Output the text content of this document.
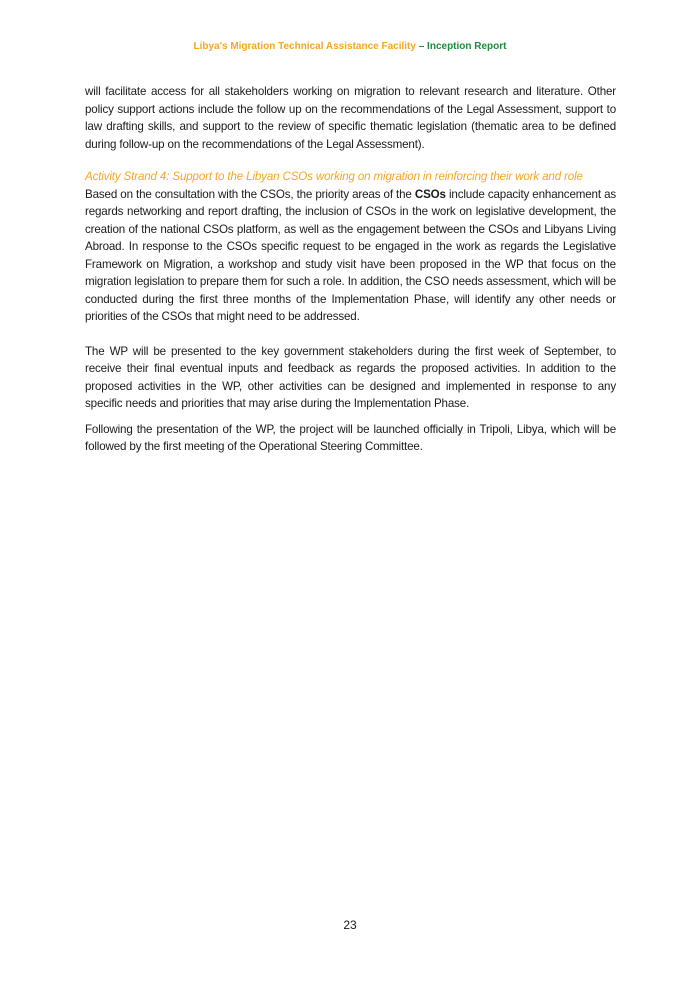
Libya's Migration Technical Assistance Facility – Inception Report

will facilitate access for all stakeholders working on migration to relevant research and literature. Other policy support actions include the follow up on the recommendations of the Legal Assessment, support to law drafting skills, and support to the review of specific thematic legislation (thematic area to be defined during follow-up on the recommendations of the Legal Assessment).

Activity Strand 4: Support to the Libyan CSOs working on migration in reinforcing their work and role

Based on the consultation with the CSOs, the priority areas of the CSOs include capacity enhancement as regards networking and report drafting, the inclusion of CSOs in the work on legislative development, the creation of the national CSOs platform, as well as the engagement between the CSOs and Libyans Living Abroad. In response to the CSOs specific request to be engaged in the work as regards the Legislative Framework on Migration, a workshop and study visit have been proposed in the WP that focus on the migration legislation to prepare them for such a role. In addition, the CSO needs assessment, which will be conducted during the first three months of the Implementation Phase, will identify any other needs or priorities of the CSOs that might need to be addressed.

The WP will be presented to the key government stakeholders during the first week of September, to receive their final eventual inputs and feedback as regards the proposed activities. In addition to the proposed activities in the WP, other activities can be designed and implemented in response to any specific needs and priorities that may arise during the Implementation Phase.

Following the presentation of the WP, the project will be launched officially in Tripoli, Libya, which will be followed by the first meeting of the Operational Steering Committee.

23
